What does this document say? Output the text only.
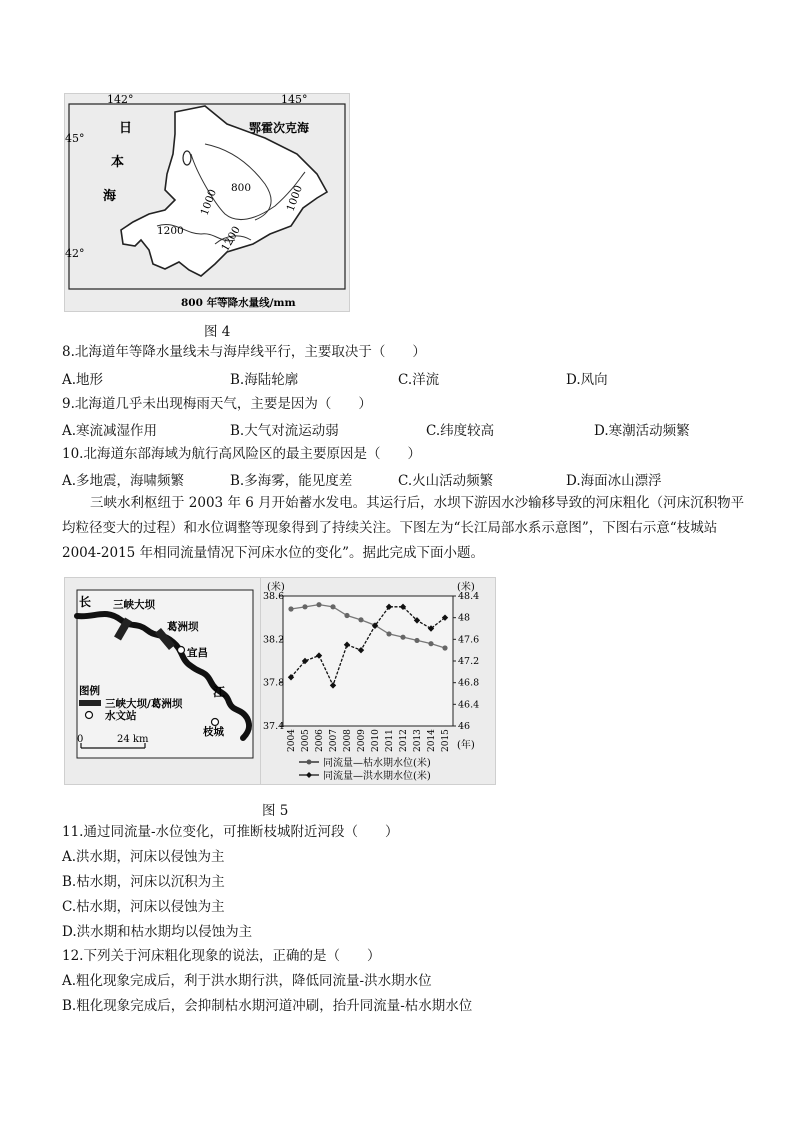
142°	145°
45°
42°
日
本
海
鄂霍次克海
800
1000	1000
1200	1200
800 年等降水量线/mm
图 4
8.北海道年等降水量线未与海岸线平行，主要取决于（　　）
A.地形	B.海陆轮廓	C.洋流	D.风向
9.北海道几乎未出现梅雨天气，主要是因为（　　）
A.寒流减湿作用	B.大气对流运动弱	C.纬度较高	D.寒潮活动频繁
10.北海道东部海域为航行高风险区的最主要原因是（　　）
A.多地震，海啸频繁	B.多海雾，能见度差	C.火山活动频繁	D.海面冰山漂浮
三峡水利枢纽于 2003 年 6 月开始蓄水发电。其运行后，水坝下游因水沙输移导致的河床粗化（河床沉积物平均粒径变大的过程）和水位调整等现象得到了持续关注。下图左为“长江局部水系示意图”，下图右示意“枝城站 2004-2015 年相同流量情况下河床水位的变化”。据此完成下面小题。
长
江
三峡大坝
葛洲坝
宜昌
枝城
图例
三峡大坝/葛洲坝
水文站
0	24 km
(米)	(米)
(年)
38.6
38.2
37.8
37.4
48.4
48
47.6
47.2
46.8
46.4
46
2004 2005 2006 2007 2008 2009 2010 2011 2012 2013 2014 2015
同流量—枯水期水位(米)
同流量—洪水期水位(米)
图 5
11.通过同流量-水位变化，可推断枝城附近河段（　　）
A.洪水期，河床以侵蚀为主
B.枯水期，河床以沉积为主
C.枯水期，河床以侵蚀为主
D.洪水期和枯水期均以侵蚀为主
12.下列关于河床粗化现象的说法，正确的是（　　）
A.粗化现象完成后，利于洪水期行洪，降低同流量-洪水期水位
B.粗化现象完成后，会抑制枯水期河道冲刷，抬升同流量-枯水期水位
